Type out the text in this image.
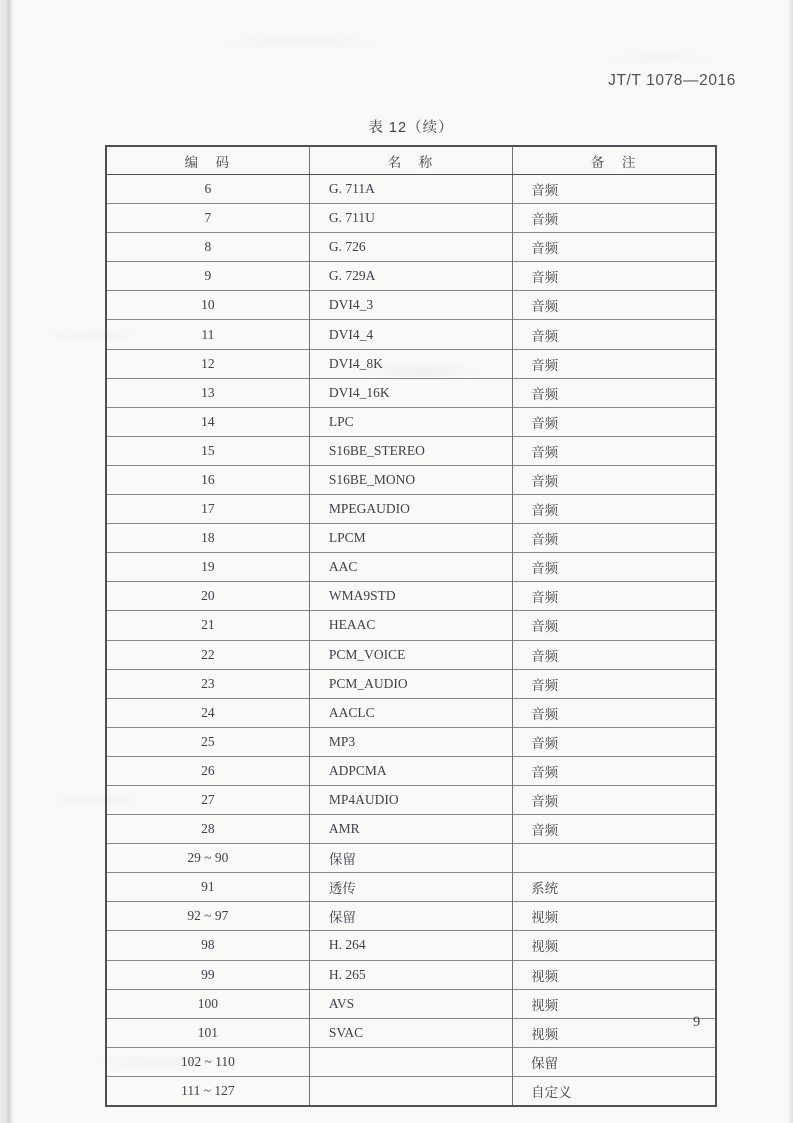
JT/T 1078—2016
表 12（续）
编　码	名　称	备　注
6	G. 711A	音频
7	G. 711U	音频
8	G. 726	音频
9	G. 729A	音频
10	DVI4_3	音频
11	DVI4_4	音频
12	DVI4_8K	音频
13	DVI4_16K	音频
14	LPC	音频
15	S16BE_STEREO	音频
16	S16BE_MONO	音频
17	MPEGAUDIO	音频
18	LPCM	音频
19	AAC	音频
20	WMA9STD	音频
21	HEAAC	音频
22	PCM_VOICE	音频
23	PCM_AUDIO	音频
24	AACLC	音频
25	MP3	音频
26	ADPCMA	音频
27	MP4AUDIO	音频
28	AMR	音频
29 ~ 90	保留	
91	透传	系统
92 ~ 97	保留	视频
98	H. 264	视频
99	H. 265	视频
100	AVS	视频
101	SVAC	视频
102 ~ 110		保留
111 ~ 127		自定义
9
